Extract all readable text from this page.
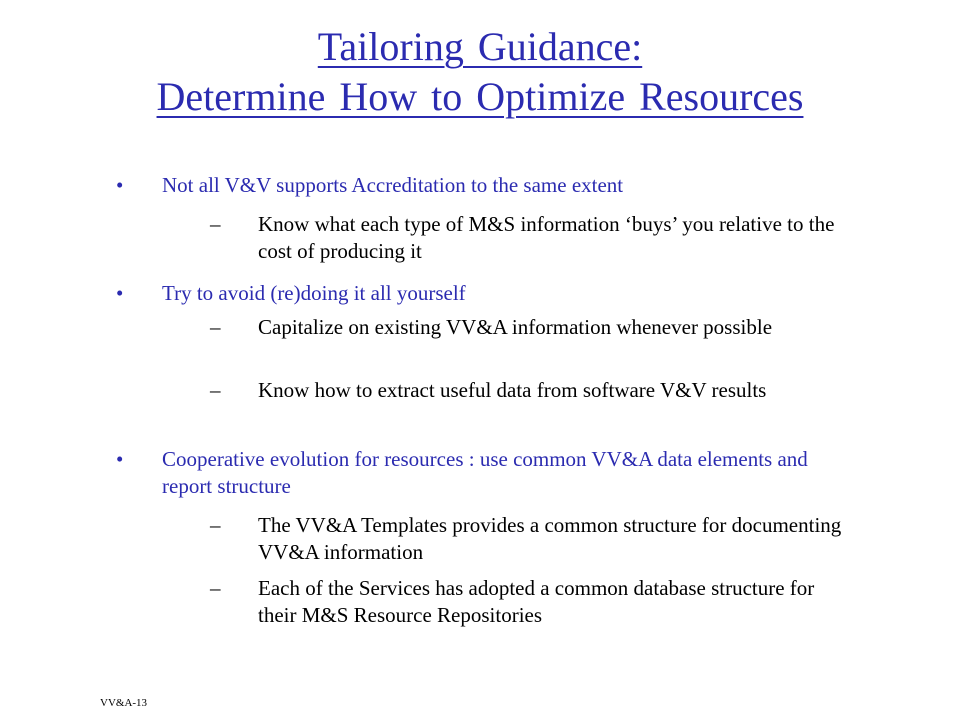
Tailoring Guidance:
Determine How to Optimize Resources
•	Not all V&V supports Accreditation to the same extent
–	Know what each type of M&S information ‘buys’ you relative to the cost of producing it
•	Try to avoid (re)doing it all yourself
–	Capitalize on existing VV&A information whenever possible
–	Know how to extract useful data from software V&V results
•	Cooperative evolution for resources : use common VV&A data elements and report structure
–	The VV&A Templates provides a common structure for documenting VV&A information
–	Each of the Services has adopted a common database structure for their M&S Resource Repositories
VV&A-13
